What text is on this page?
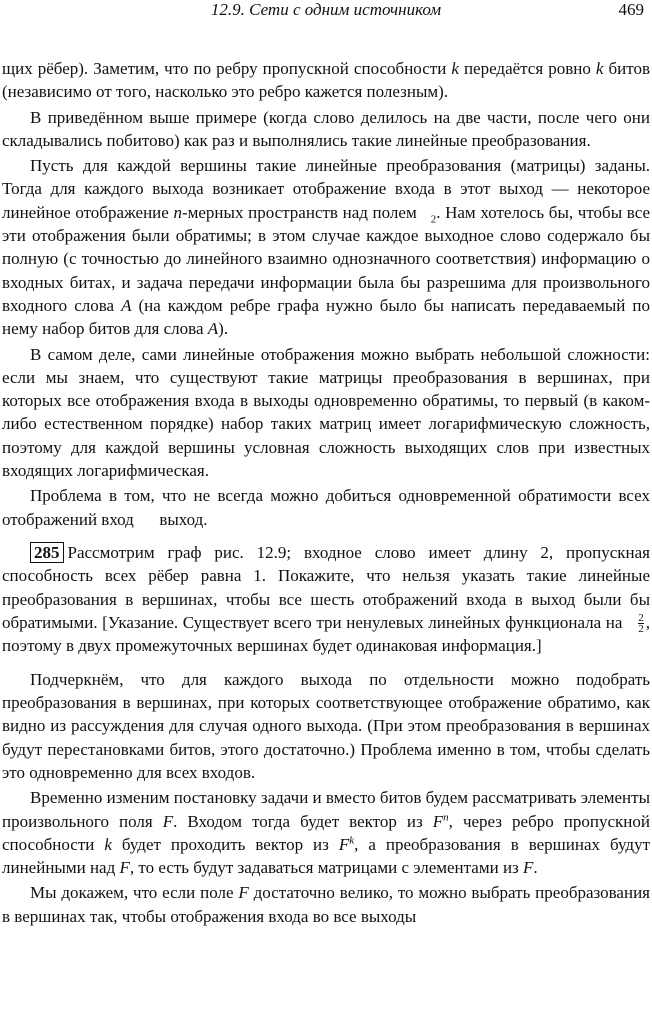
12.9. Сети с одним источником	469

щих рёбер). Заметим, что по ребру пропускной способности k передаётся ровно k битов (независимо от того, насколько это ребро кажется полезным).

В приведённом выше примере (когда слово делилось на две части, после чего они складывались побитово) как раз и выполнялись такие линейные преобразования.

Пусть для каждой вершины такие линейные преобразования (матрицы) заданы. Тогда для каждого выхода возникает отображение входа в этот выход — некоторое линейное отображение n-мерных пространств над полем   $_2$. Нам хотелось бы, чтобы все эти отображения были обратимы; в этом случае каждое выходное слово содержало бы полную (с точностью до линейного взаимно однозначного соответствия) информацию о входных битах, и задача передачи информации была бы разрешима для произвольного входного слова A (на каждом ребре графа нужно было бы написать передаваемый по нему набор битов для слова A).

В самом деле, сами линейные отображения можно выбрать небольшой сложности: если мы знаем, что существуют такие матрицы преобразования в вершинах, при которых все отображения входа в выходы одновременно обратимы, то первый (в каком-либо естественном порядке) набор таких матриц имеет логарифмическую сложность, поэтому для каждой вершины условная сложность выходящих слов при известных входящих логарифмическая.

Проблема в том, что не всегда можно добиться одновременной обратимости всех отображений вход выход.

285 Рассмотрим граф рис. 12.9; входное слово имеет длину 2, пропускная способность всех рёбер равна 1. Покажите, что нельзя указать такие линейные преобразования в вершинах, чтобы все шесть отображений входа в выход были бы обратимыми. [Указание. Существует всего три ненулевых линейных функционала на $\frac{2}{2}$ , поэтому в двух промежуточных вершинах будет одинаковая информация.]

Подчеркнём, что для каждого выхода по отдельности можно подобрать преобразования в вершинах, при которых соответствующее отображение обратимо, как видно из рассуждения для случая одного выхода. (При этом преобразования в вершинах будут перестановками битов, этого достаточно.) Проблема именно в том, чтобы сделать это одновременно для всех входов.

Временно изменим постановку задачи и вместо битов будем рассматривать элементы произвольного поля F. Входом тогда будет вектор из $F^n$, через ребро пропускной способности k будет проходить вектор из $F^k$, а преобразования в вершинах будут линейными над F, то есть будут задаваться матрицами с элементами из F.

Мы докажем, что если поле F достаточно велико, то можно выбрать преобразования в вершинах так, чтобы отображения входа во все выходы
